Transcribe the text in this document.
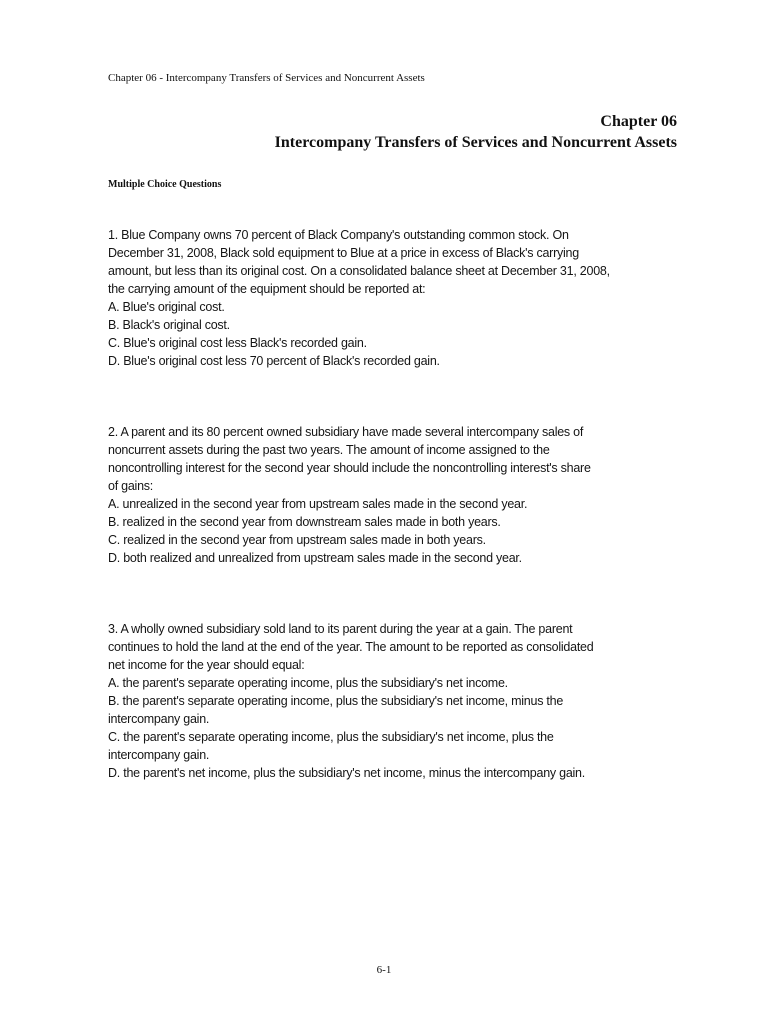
Chapter 06 - Intercompany Transfers of Services and Noncurrent Assets
Chapter 06
Intercompany Transfers of Services and Noncurrent Assets
Multiple Choice Questions
1. Blue Company owns 70 percent of Black Company's outstanding common stock. On
December 31, 2008, Black sold equipment to Blue at a price in excess of Black's carrying
amount, but less than its original cost. On a consolidated balance sheet at December 31, 2008,
the carrying amount of the equipment should be reported at:
A. Blue's original cost.
B. Black's original cost.
C. Blue's original cost less Black's recorded gain.
D. Blue's original cost less 70 percent of Black's recorded gain.
2. A parent and its 80 percent owned subsidiary have made several intercompany sales of
noncurrent assets during the past two years. The amount of income assigned to the
noncontrolling interest for the second year should include the noncontrolling interest's share
of gains:
A. unrealized in the second year from upstream sales made in the second year.
B. realized in the second year from downstream sales made in both years.
C. realized in the second year from upstream sales made in both years.
D. both realized and unrealized from upstream sales made in the second year.
3. A wholly owned subsidiary sold land to its parent during the year at a gain. The parent
continues to hold the land at the end of the year. The amount to be reported as consolidated
net income for the year should equal:
A. the parent's separate operating income, plus the subsidiary's net income.
B. the parent's separate operating income, plus the subsidiary's net income, minus the
intercompany gain.
C. the parent's separate operating income, plus the subsidiary's net income, plus the
intercompany gain.
D. the parent's net income, plus the subsidiary's net income, minus the intercompany gain.
6-1
